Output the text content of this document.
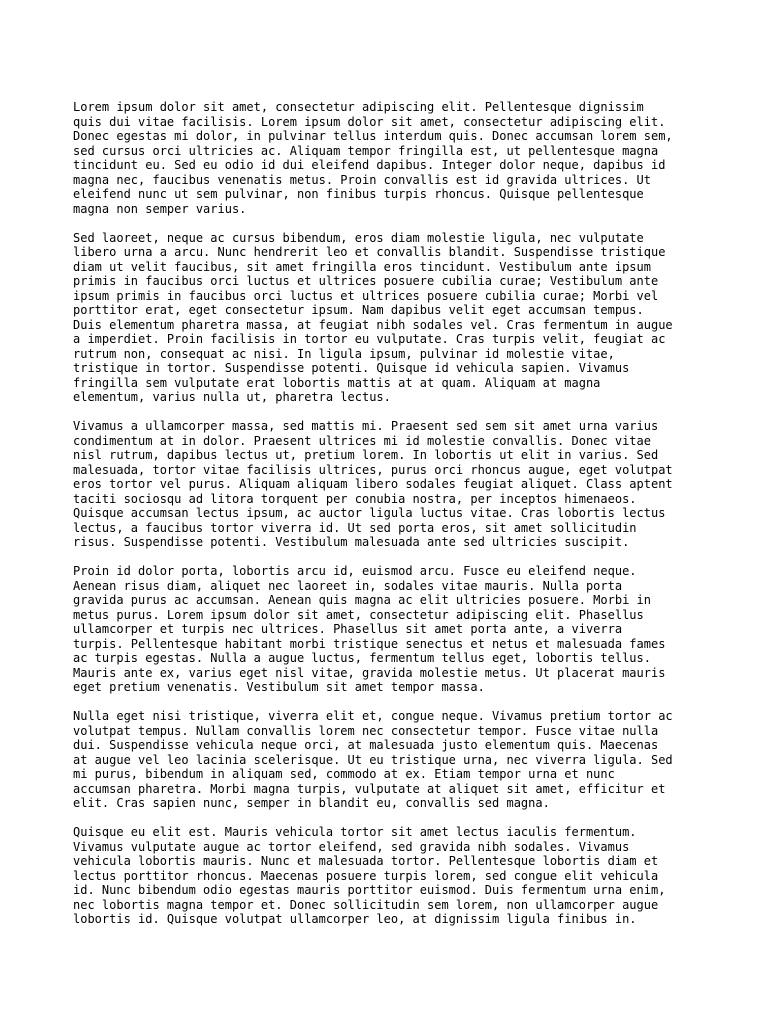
Lorem ipsum dolor sit amet, consectetur adipiscing elit. Pellentesque dignissim
quis dui vitae facilisis. Lorem ipsum dolor sit amet, consectetur adipiscing elit.
Donec egestas mi dolor, in pulvinar tellus interdum quis. Donec accumsan lorem sem,
sed cursus orci ultricies ac. Aliquam tempor fringilla est, ut pellentesque magna
tincidunt eu. Sed eu odio id dui eleifend dapibus. Integer dolor neque, dapibus id
magna nec, faucibus venenatis metus. Proin convallis est id gravida ultrices. Ut
eleifend nunc ut sem pulvinar, non finibus turpis rhoncus. Quisque pellentesque
magna non semper varius.

Sed laoreet, neque ac cursus bibendum, eros diam molestie ligula, nec vulputate
libero urna a arcu. Nunc hendrerit leo et convallis blandit. Suspendisse tristique
diam ut velit faucibus, sit amet fringilla eros tincidunt. Vestibulum ante ipsum
primis in faucibus orci luctus et ultrices posuere cubilia curae; Vestibulum ante
ipsum primis in faucibus orci luctus et ultrices posuere cubilia curae; Morbi vel
porttitor erat, eget consectetur ipsum. Nam dapibus velit eget accumsan tempus.
Duis elementum pharetra massa, at feugiat nibh sodales vel. Cras fermentum in augue
a imperdiet. Proin facilisis in tortor eu vulputate. Cras turpis velit, feugiat ac
rutrum non, consequat ac nisi. In ligula ipsum, pulvinar id molestie vitae,
tristique in tortor. Suspendisse potenti. Quisque id vehicula sapien. Vivamus
fringilla sem vulputate erat lobortis mattis at at quam. Aliquam at magna
elementum, varius nulla ut, pharetra lectus.

Vivamus a ullamcorper massa, sed mattis mi. Praesent sed sem sit amet urna varius
condimentum at in dolor. Praesent ultrices mi id molestie convallis. Donec vitae
nisl rutrum, dapibus lectus ut, pretium lorem. In lobortis ut elit in varius. Sed
malesuada, tortor vitae facilisis ultrices, purus orci rhoncus augue, eget volutpat
eros tortor vel purus. Aliquam aliquam libero sodales feugiat aliquet. Class aptent
taciti sociosqu ad litora torquent per conubia nostra, per inceptos himenaeos.
Quisque accumsan lectus ipsum, ac auctor ligula luctus vitae. Cras lobortis lectus
lectus, a faucibus tortor viverra id. Ut sed porta eros, sit amet sollicitudin
risus. Suspendisse potenti. Vestibulum malesuada ante sed ultricies suscipit.

Proin id dolor porta, lobortis arcu id, euismod arcu. Fusce eu eleifend neque.
Aenean risus diam, aliquet nec laoreet in, sodales vitae mauris. Nulla porta
gravida purus ac accumsan. Aenean quis magna ac elit ultricies posuere. Morbi in
metus purus. Lorem ipsum dolor sit amet, consectetur adipiscing elit. Phasellus
ullamcorper et turpis nec ultrices. Phasellus sit amet porta ante, a viverra
turpis. Pellentesque habitant morbi tristique senectus et netus et malesuada fames
ac turpis egestas. Nulla a augue luctus, fermentum tellus eget, lobortis tellus.
Mauris ante ex, varius eget nisl vitae, gravida molestie metus. Ut placerat mauris
eget pretium venenatis. Vestibulum sit amet tempor massa.

Nulla eget nisi tristique, viverra elit et, congue neque. Vivamus pretium tortor ac
volutpat tempus. Nullam convallis lorem nec consectetur tempor. Fusce vitae nulla
dui. Suspendisse vehicula neque orci, at malesuada justo elementum quis. Maecenas
at augue vel leo lacinia scelerisque. Ut eu tristique urna, nec viverra ligula. Sed
mi purus, bibendum in aliquam sed, commodo at ex. Etiam tempor urna et nunc
accumsan pharetra. Morbi magna turpis, vulputate at aliquet sit amet, efficitur et
elit. Cras sapien nunc, semper in blandit eu, convallis sed magna.

Quisque eu elit est. Mauris vehicula tortor sit amet lectus iaculis fermentum.
Vivamus vulputate augue ac tortor eleifend, sed gravida nibh sodales. Vivamus
vehicula lobortis mauris. Nunc et malesuada tortor. Pellentesque lobortis diam et
lectus porttitor rhoncus. Maecenas posuere turpis lorem, sed congue elit vehicula
id. Nunc bibendum odio egestas mauris porttitor euismod. Duis fermentum urna enim,
nec lobortis magna tempor et. Donec sollicitudin sem lorem, non ullamcorper augue
lobortis id. Quisque volutpat ullamcorper leo, at dignissim ligula finibus in.
